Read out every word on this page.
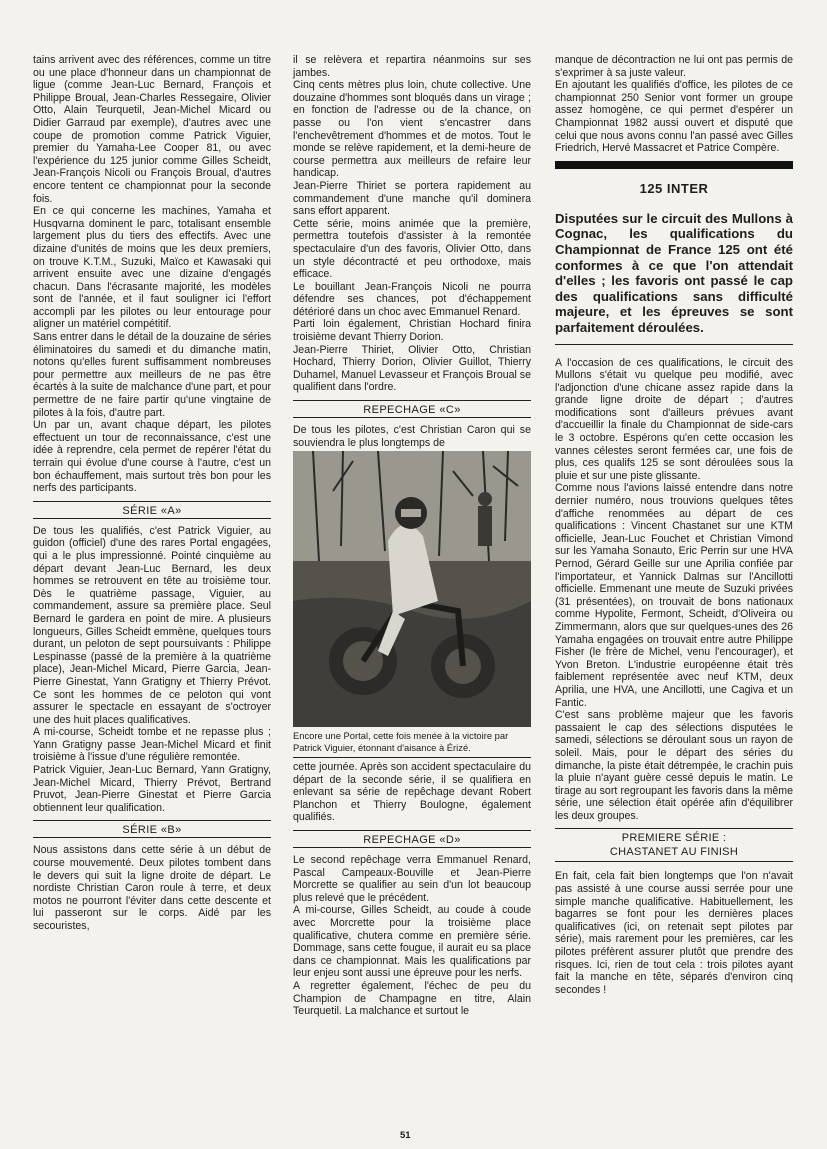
tains arrivent avec des références, comme un titre ou une place d'honneur dans un championnat de ligue (comme Jean-Luc Bernard, François et Philippe Broual, Jean-Charles Ressegaire, Olivier Otto, Alain Teurquetil, Jean-Michel Micard ou Didier Garraud par exemple), d'autres avec une coupe de promotion comme Patrick Viguier, premier du Yamaha-Lee Cooper 81, ou avec l'expérience du 125 junior comme Gilles Scheidt, Jean-François Nicoli ou François Broual, d'autres encore tentent ce championnat pour la seconde fois.

En ce qui concerne les machines, Yamaha et Husqvarna dominent le parc, totalisant ensemble largement plus du tiers des effectifs. Avec une dizaine d'unités de moins que les deux premiers, on trouve K.T.M., Suzuki, Maïco et Kawasaki qui arrivent ensuite avec une dizaine d'engagés chacun. Dans l'écrasante majorité, les modèles sont de l'année, et il faut souligner ici l'effort accompli par les pilotes ou leur entourage pour aligner un matériel compétitif.

Sans entrer dans le détail de la douzaine de séries éliminatoires du samedi et du dimanche matin, notons qu'elles furent suffisamment nombreuses pour permettre aux meilleurs de ne pas être écartés à la suite de malchance d'une part, et pour permettre de ne faire partir qu'une vingtaine de pilotes à la fois, d'autre part.

Un par un, avant chaque départ, les pilotes effectuent un tour de reconnaissance, c'est une idée à reprendre, cela permet de repérer l'état du terrain qui évolue d'une course à l'autre, c'est un bon échauffement, mais surtout très bon pour les nerfs des participants.

SÉRIE «A»

De tous les qualifiés, c'est Patrick Viguier, au guidon (officiel) d'une des rares Portal engagées, qui a le plus impressionné. Pointé cinquième au départ devant Jean-Luc Bernard, les deux hommes se retrouvent en tête au troisième tour. Dès le quatrième passage, Viguier, au commandement, assure sa première place. Seul Bernard le gardera en point de mire. A plusieurs longueurs, Gilles Scheidt emmène, quelques tours durant, un peloton de sept poursuivants : Philippe Lespinasse (passé de la première à la quatrième place), Jean-Michel Micard, Pierre Garcia, Jean-Pierre Ginestat, Yann Gratigny et Thierry Prévot. Ce sont les hommes de ce peloton qui vont assurer le spectacle en essayant de s'octroyer une des huit places qualificatives.

A mi-course, Scheidt tombe et ne repasse plus ; Yann Gratigny passe Jean-Michel Micard et finit troisième à l'issue d'une régulière remontée.

Patrick Viguier, Jean-Luc Bernard, Yann Gratigny, Jean-Michel Micard, Thierry Prévot, Bertrand Pruvot, Jean-Pierre Ginestat et Pierre Garcia obtiennent leur qualification.

SÉRIE «B»

Nous assistons dans cette série à un début de course mouvementé. Deux pilotes tombent dans le devers qui suit la ligne droite de départ. Le nordiste Christian Caron roule à terre, et deux motos ne pourront l'éviter dans cette descente et lui passeront sur le corps. Aidé par les secouristes,

il se relèvera et repartira néanmoins sur ses jambes.

Cinq cents mètres plus loin, chute collective. Une douzaine d'hommes sont bloqués dans un virage ; en fonction de l'adresse ou de la chance, on passe ou l'on vient s'encastrer dans l'enchevêtrement d'hommes et de motos. Tout le monde se relève rapidement, et la demi-heure de course permettra aux meilleurs de refaire leur handicap.

Jean-Pierre Thiriet se portera rapidement au commandement d'une manche qu'il dominera sans effort apparent.

Cette série, moins animée que la première, permettra toutefois d'assister à la remontée spectaculaire d'un des favoris, Olivier Otto, dans un style décontracté et peu orthodoxe, mais efficace.

Le bouillant Jean-François Nicoli ne pourra défendre ses chances, pot d'échappement détérioré dans un choc avec Emmanuel Renard.

Parti loin également, Christian Hochard finira troisième devant Thierry Dorion.

Jean-Pierre Thiriet, Olivier Otto, Christian Hochard, Thierry Dorion, Olivier Guillot, Thierry Duhamel, Manuel Levasseur et François Broual se qualifient dans l'ordre.

REPECHAGE «C»

De tous les pilotes, c'est Christian Caron qui se souviendra le plus longtemps de

Encore une Portal, cette fois menée à la victoire par Patrick Viguier, étonnant d'aisance à Érizé.

cette journée. Après son accident spectaculaire du départ de la seconde série, il se qualifiera en enlevant sa série de repêchage devant Robert Planchon et Thierry Boulogne, également qualifiés.

REPECHAGE «D»

Le second repêchage verra Emmanuel Renard, Pascal Campeaux-Bouville et Jean-Pierre Morcrette se qualifier au sein d'un lot beaucoup plus relevé que le précédent.

A mi-course, Gilles Scheidt, au coude à coude avec Morcrette pour la troisième place qualificative, chutera comme en première série. Dommage, sans cette fougue, il aurait eu sa place dans ce championnat. Mais les qualifications par leur enjeu sont aussi une épreuve pour les nerfs.

A regretter également, l'échec de peu du Champion de Champagne en titre, Alain Teurquetil. La malchance et surtout le

manque de décontraction ne lui ont pas permis de s'exprimer à sa juste valeur.

En ajoutant les qualifiés d'office, les pilotes de ce championnat 250 Senior vont former un groupe assez homogène, ce qui permet d'espérer un Championnat 1982 aussi ouvert et disputé que celui que nous avons connu l'an passé avec Gilles Friedrich, Hervé Massacret et Patrice Compère.

125 INTER
Disputées sur le circuit des Mullons à Cognac, les qualifications du Championnat de France 125 ont été conformes à ce que l'on attendait d'elles ; les favoris ont passé le cap des qualifications sans difficulté majeure, et les épreuves se sont parfaitement déroulées.

A l'occasion de ces qualifications, le circuit des Mullons s'était vu quelque peu modifié, avec l'adjonction d'une chicane assez rapide dans la grande ligne droite de départ ; d'autres modifications sont d'ailleurs prévues avant d'accueillir la finale du Championnat de side-cars le 3 octobre. Espérons qu'en cette occasion les vannes célestes seront fermées car, une fois de plus, ces qualifs 125 se sont déroulées sous la pluie et sur une piste glissante.

Comme nous l'avions laissé entendre dans notre dernier numéro, nous trouvions quelques têtes d'affiche renommées au départ de ces qualifications : Vincent Chastanet sur une KTM officielle, Jean-Luc Fouchet et Christian Vimond sur les Yamaha Sonauto, Eric Perrin sur une HVA Pernod, Gérard Geille sur une Aprilia confiée par l'importateur, et Yannick Dalmas sur l'Ancillotti officielle. Emmenant une meute de Suzuki privées (31 présentées), on trouvait de bons nationaux comme Hypolite, Fermont, Scheidt, d'Oliveira ou Zimmermann, alors que sur quelques-unes des 26 Yamaha engagées on trouvait entre autre Philippe Fisher (le frère de Michel, venu l'encourager), et Yvon Breton. L'industrie européenne était très faiblement représentée avec neuf KTM, deux Aprilia, une HVA, une Ancillotti, une Cagiva et un Fantic.

C'est sans problème majeur que les favoris passaient le cap des sélections disputées le samedi, sélections se déroulant sous un rayon de soleil. Mais, pour le départ des séries du dimanche, la piste était détrempée, le crachin puis la pluie n'ayant guère cessé depuis le matin. Le tirage au sort regroupant les favoris dans la même série, une sélection était opérée afin d'équilibrer les deux groupes.

PREMIERE SÉRIE :
CHASTANET AU FINISH

En fait, cela fait bien longtemps que l'on n'avait pas assisté à une course aussi serrée pour une simple manche qualificative. Habituellement, les bagarres se font pour les dernières places qualificatives (ici, on retenait sept pilotes par série), mais rarement pour les premières, car les pilotes préfèrent assurer plutôt que prendre des risques. Ici, rien de tout cela : trois pilotes ayant fait la manche en tête, séparés d'environ cinq secondes !

51
